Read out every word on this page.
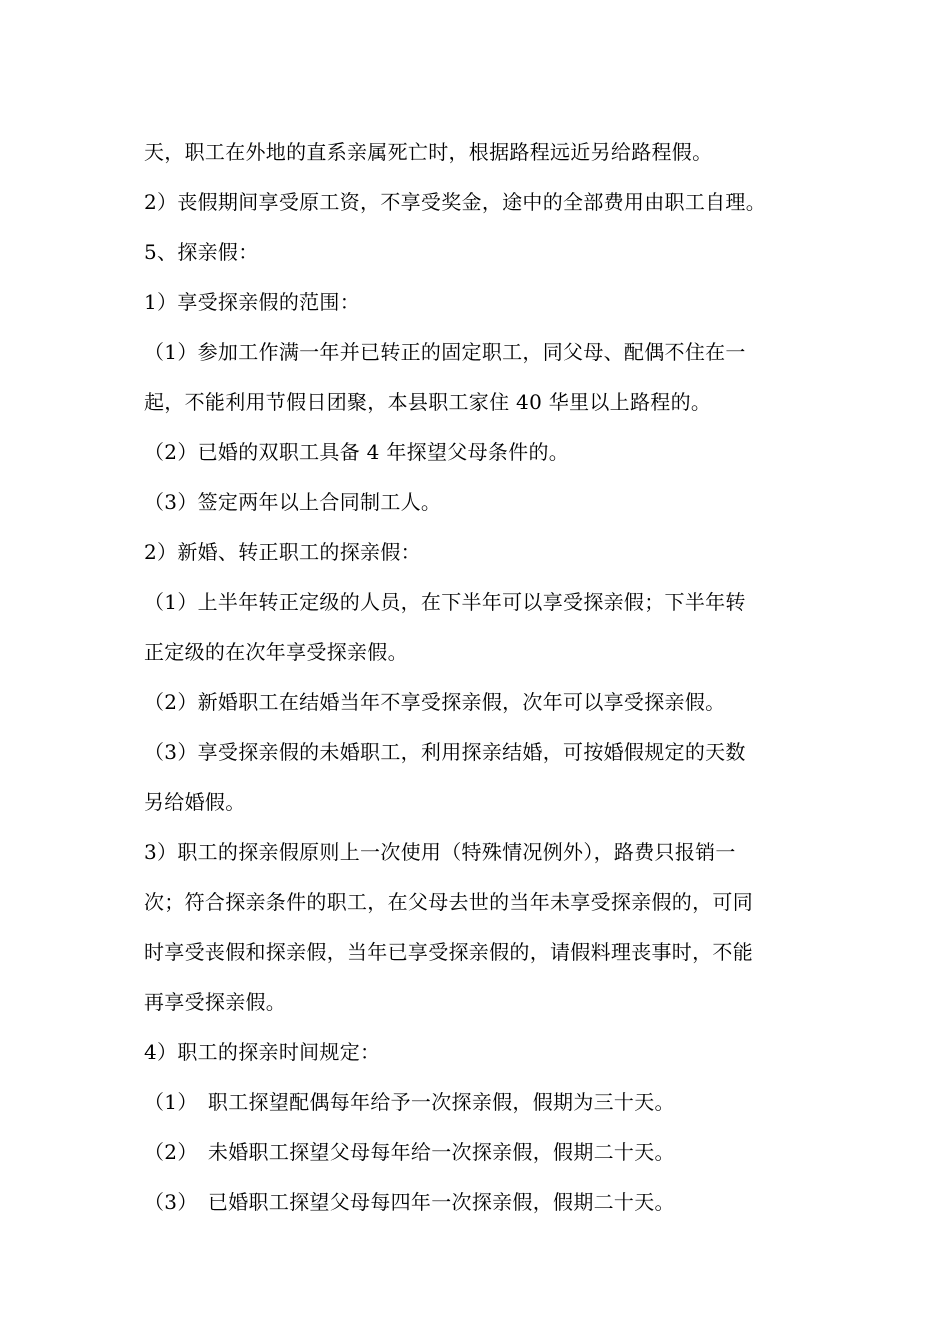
天，职工在外地的直系亲属死亡时，根据路程远近另给路程假。
2）丧假期间享受原工资，不享受奖金，途中的全部费用由职工自理。
5、探亲假：
1）享受探亲假的范围：
（1）参加工作满一年并已转正的固定职工，同父母、配偶不住在一
起，不能利用节假日团聚，本县职工家住 40 华里以上路程的。
（2）已婚的双职工具备 4 年探望父母条件的。
（3）签定两年以上合同制工人。
2）新婚、转正职工的探亲假：
（1）上半年转正定级的人员，在下半年可以享受探亲假；下半年转
正定级的在次年享受探亲假。
（2）新婚职工在结婚当年不享受探亲假，次年可以享受探亲假。
（3）享受探亲假的未婚职工，利用探亲结婚，可按婚假规定的天数
另给婚假。
3）职工的探亲假原则上一次使用（特殊情况例外），路费只报销一
次；符合探亲条件的职工，在父母去世的当年未享受探亲假的，可同
时享受丧假和探亲假，当年已享受探亲假的，请假料理丧事时，不能
再享受探亲假。
4）职工的探亲时间规定：
（1）　职工探望配偶每年给予一次探亲假，假期为三十天。
（2）　未婚职工探望父母每年给一次探亲假，假期二十天。
（3）　已婚职工探望父母每四年一次探亲假，假期二十天。
